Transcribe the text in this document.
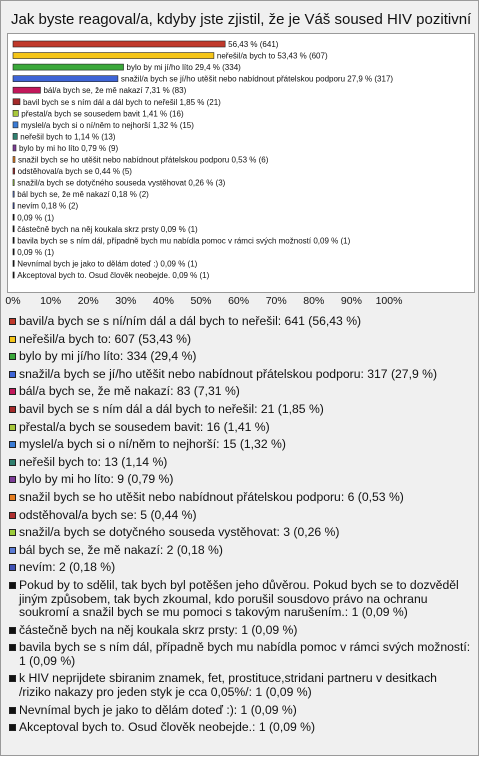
Jak byste reagoval/a, kdyby jste zjistil, že je Váš soused HIV pozitivní
56,43 % (641)
neřešil/a bych to 53,43 % (607)
bylo by mi jí/ho líto 29,4 % (334)
snažil/a bych se jí/ho utěšit nebo nabídnout přátelskou podporu 27,9 % (317)
bál/a bych se, že mě nakazí 7,31 % (83)
bavil bych se s ním dál a dál bych to neřešil 1,85 % (21)
přestal/a bych se sousedem bavit 1,41 % (16)
myslel/a bych si o ní/něm to nejhorší 1,32 % (15)
neřešil bych to 1,14 % (13)
bylo by mi ho líto 0,79 % (9)
snažil bych se ho utěšit nebo nabídnout přátelskou podporu 0,53 % (6)
odstěhoval/a bych se 0,44 % (5)
snažil/a bych se dotyčného souseda vystěhovat 0,26 % (3)
bál bych se, že mě nakazí 0,18 % (2)
nevím 0,18 % (2)
0,09 % (1)
částečně bych na něj koukala skrz prsty 0,09 % (1)
bavila bych se s ním dál, případně bych mu nabídla pomoc v rámci svých možností 0,09 % (1)
0,09 % (1)
Nevnímal bych je jako to dělám doteď :) 0,09 % (1)
Akceptoval bych to. Osud člověk neobejde. 0,09 % (1)
0% 10% 20% 30% 40% 50% 60% 70% 80% 90% 100%
bavil/a bych se s ní/ním dál a dál bych to neřešil: 641 (56,43 %)
neřešil/a bych to: 607 (53,43 %)
bylo by mi jí/ho líto: 334 (29,4 %)
snažil/a bych se jí/ho utěšit nebo nabídnout přátelskou podporu: 317 (27,9 %)
bál/a bych se, že mě nakazí: 83 (7,31 %)
bavil bych se s ním dál a dál bych to neřešil: 21 (1,85 %)
přestal/a bych se sousedem bavit: 16 (1,41 %)
myslel/a bych si o ní/něm to nejhorší: 15 (1,32 %)
neřešil bych to: 13 (1,14 %)
bylo by mi ho líto: 9 (0,79 %)
snažil bych se ho utěšit nebo nabídnout přátelskou podporu: 6 (0,53 %)
odstěhoval/a bych se: 5 (0,44 %)
snažil/a bych se dotyčného souseda vystěhovat: 3 (0,26 %)
bál bych se, že mě nakazí: 2 (0,18 %)
nevím: 2 (0,18 %)
Pokud by to sdělil, tak bych byl potěšen jeho důvěrou. Pokud bych se to dozvěděl jiným způsobem, tak bych zkoumal, kdo porušil sousdovo právo na ochranu soukromí a snažil bych se mu pomoci s takovým narušením.: 1 (0,09 %)
částečně bych na něj koukala skrz prsty: 1 (0,09 %)
bavila bych se s ním dál, případně bych mu nabídla pomoc v rámci svých možností: 1 (0,09 %)
k HIV neprijdete sbiranim znamek, fet, prostituce,stridani partneru v desitkach /rizikо nakazy pro jeden styk je cca 0,05%/: 1 (0,09 %)
Nevnímal bych je jako to dělám doteď :): 1 (0,09 %)
Akceptoval bych to. Osud člověk neobejde.: 1 (0,09 %)
